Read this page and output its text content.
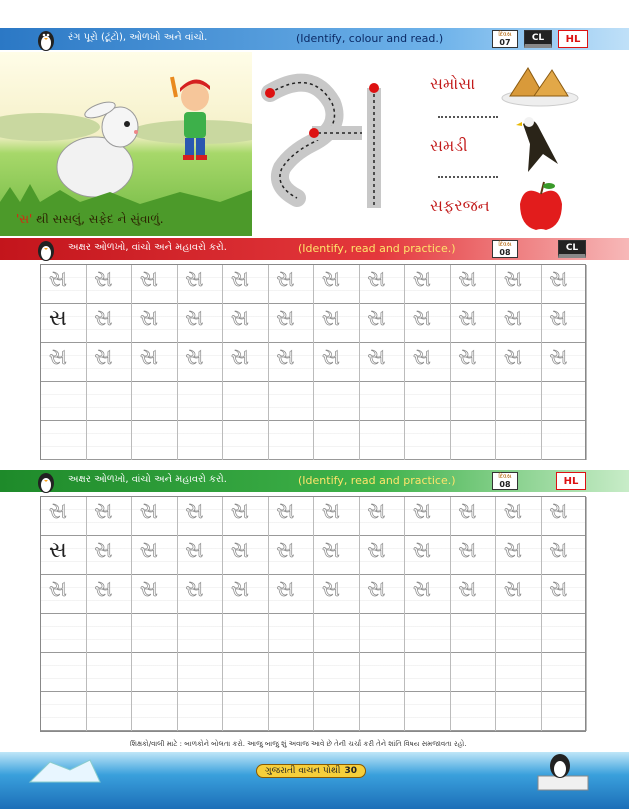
રંગ પૂરો (ટૂંટો), ઓળખો અને વાંચો.	(Identify, colour and read.)	દિવસ
07	CL	HL
'સ' થી સસલું, સફેદ ને સુંવાળું.
સમોસા
સમડી
સફરજન
અક્ષર ઓળખો, વાંચો અને મહાવરો કરો.	(Identify, read and practice.)	દિવસ
08	CL
સ સ સ સ સ સ સ સ સ સ સ સ
સ સ સ સ સ સ સ સ સ સ સ સ
સ સ સ સ સ સ સ સ સ સ સ સ
અક્ષર ઓળખો, વાંચો અને મહાવરો કરો.	(Identify, read and practice.)	દિવસ
08	HL
સ સ સ સ સ સ સ સ સ સ સ સ
સ સ સ સ સ સ સ સ સ સ સ સ
સ સ સ સ સ સ સ સ સ સ સ સ
શિક્ષકો/વાલી માટે : બાળકોને બોલતા કરો. આજુ બાજુ શું અવાજ આવે છે તેની ચર્ચા કરી તેને શાંતિ વિષય સમજાવતા રહો.
ગુજરાતી વાચન પોથી 30
